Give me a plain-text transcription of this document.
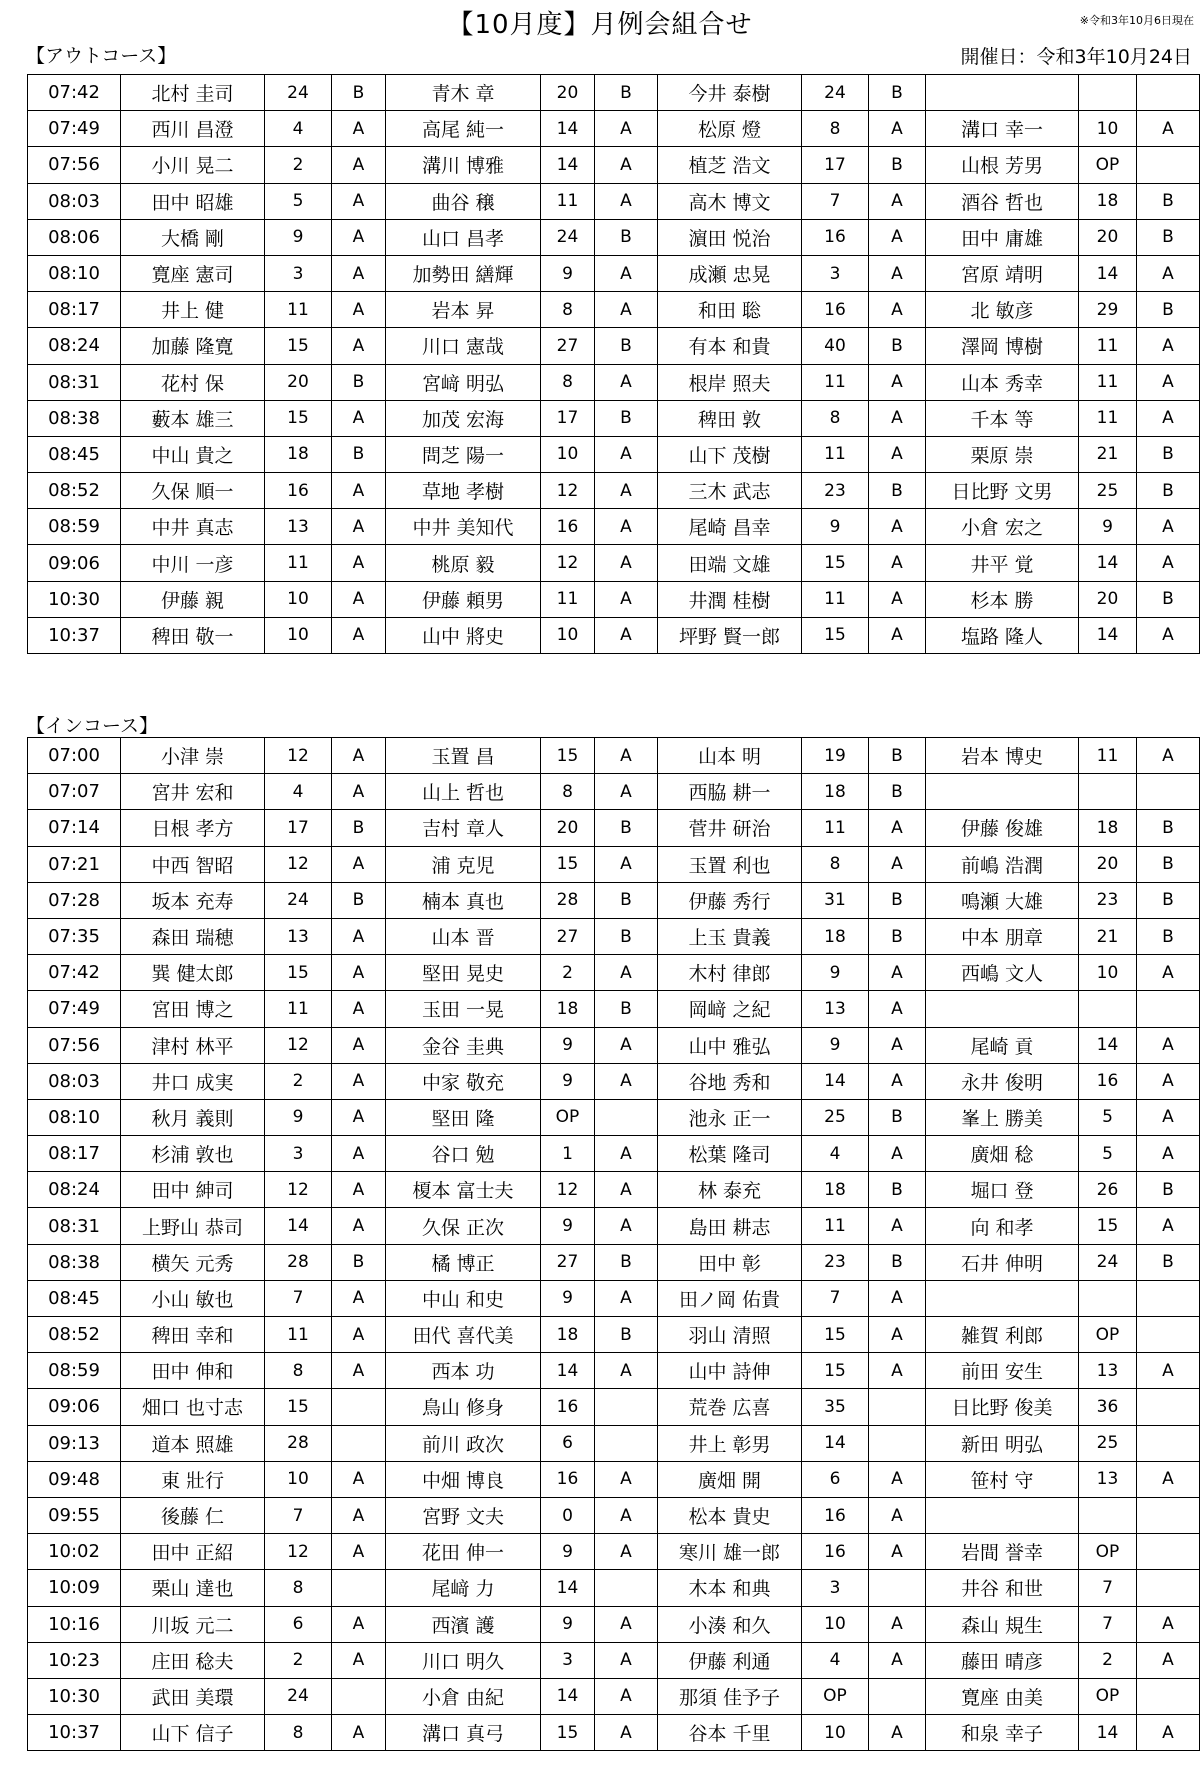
【10月度】月例会組合せ	※令和3年10月6日現在
【アウトコース】	開催日：令和3年10月24日
07:42	北村 圭司	24	B	青木 章	20	B	今井 泰樹	24	B			
07:49	西川 昌澄	4	A	高尾 純一	14	A	松原 燈	8	A	溝口 幸一	10	A
07:56	小川 晃二	2	A	溝川 博雅	14	A	植芝 浩文	17	B	山根 芳男	OP	
08:03	田中 昭雄	5	A	曲谷 穣	11	A	高木 博文	7	A	酒谷 哲也	18	B
08:06	大橋 剛	9	A	山口 昌孝	24	B	濵田 悦治	16	A	田中 庸雄	20	B
08:10	寛座 憲司	3	A	加勢田 繕輝	9	A	成瀬 忠晃	3	A	宮原 靖明	14	A
08:17	井上 健	11	A	岩本 昇	8	A	和田 聡	16	A	北 敏彦	29	B
08:24	加藤 隆寛	15	A	川口 憲哉	27	B	有本 和貴	40	B	澤岡 博樹	11	A
08:31	花村 保	20	B	宮﨑 明弘	8	A	根岸 照夫	11	A	山本 秀幸	11	A
08:38	藪本 雄三	15	A	加茂 宏海	17	B	稗田 敦	8	A	千本 等	11	A
08:45	中山 貴之	18	B	問芝 陽一	10	A	山下 茂樹	11	A	栗原 崇	21	B
08:52	久保 順一	16	A	草地 孝樹	12	A	三木 武志	23	B	日比野 文男	25	B
08:59	中井 真志	13	A	中井 美知代	16	A	尾崎 昌幸	9	A	小倉 宏之	9	A
09:06	中川 一彦	11	A	桃原 毅	12	A	田端 文雄	15	A	井平 覚	14	A
10:30	伊藤 親	10	A	伊藤 頼男	11	A	井潤 桂樹	11	A	杉本 勝	20	B
10:37	稗田 敬一	10	A	山中 將史	10	A	坪野 賢一郎	15	A	塩路 隆人	14	A
【インコース】
07:00	小津 崇	12	A	玉置 昌	15	A	山本 明	19	B	岩本 博史	11	A
07:07	宮井 宏和	4	A	山上 哲也	8	A	西脇 耕一	18	B			
07:14	日根 孝方	17	B	吉村 章人	20	B	菅井 研治	11	A	伊藤 俊雄	18	B
07:21	中西 智昭	12	A	浦 克児	15	A	玉置 利也	8	A	前嶋 浩潤	20	B
07:28	坂本 充寿	24	B	楠本 真也	28	B	伊藤 秀行	31	B	鳴瀬 大雄	23	B
07:35	森田 瑞穂	13	A	山本 晋	27	B	上玉 貴義	18	B	中本 朋章	21	B
07:42	巽 健太郎	15	A	堅田 晃史	2	A	木村 律郎	9	A	西嶋 文人	10	A
07:49	宮田 博之	11	A	玉田 一晃	18	B	岡﨑 之紀	13	A			
07:56	津村 林平	12	A	金谷 圭典	9	A	山中 雅弘	9	A	尾崎 貢	14	A
08:03	井口 成実	2	A	中家 敬充	9	A	谷地 秀和	14	A	永井 俊明	16	A
08:10	秋月 義則	9	A	堅田 隆	OP		池永 正一	25	B	峯上 勝美	5	A
08:17	杉浦 敦也	3	A	谷口 勉	1	A	松葉 隆司	4	A	廣畑 稔	5	A
08:24	田中 紳司	12	A	榎本 富士夫	12	A	林 泰充	18	B	堀口 登	26	B
08:31	上野山 恭司	14	A	久保 正次	9	A	島田 耕志	11	A	向 和孝	15	A
08:38	横矢 元秀	28	B	橘 博正	27	B	田中 彰	23	B	石井 伸明	24	B
08:45	小山 敏也	7	A	中山 和史	9	A	田ノ岡 佑貴	7	A			
08:52	稗田 幸和	11	A	田代 喜代美	18	B	羽山 清照	15	A	雑賀 利郎	OP	
08:59	田中 伸和	8	A	西本 功	14	A	山中 詩伸	15	A	前田 安生	13	A
09:06	畑口 也寸志	15		鳥山 修身	16		荒巻 広喜	35		日比野 俊美	36	
09:13	道本 照雄	28		前川 政次	6		井上 彰男	14		新田 明弘	25	
09:48	東 壯行	10	A	中畑 博良	16	A	廣畑 開	6	A	笹村 守	13	A
09:55	後藤 仁	7	A	宮野 文夫	0	A	松本 貴史	16	A			
10:02	田中 正紹	12	A	花田 伸一	9	A	寒川 雄一郎	16	A	岩間 誉幸	OP	
10:09	栗山 達也	8		尾﨑 力	14		木本 和典	3		井谷 和世	7	
10:16	川坂 元二	6	A	西濱 護	9	A	小湊 和久	10	A	森山 規生	7	A
10:23	庄田 稔夫	2	A	川口 明久	3	A	伊藤 利通	4	A	藤田 晴彦	2	A
10:30	武田 美環	24		小倉 由紀	14	A	那須 佳予子	OP		寛座 由美	OP	
10:37	山下 信子	8	A	溝口 真弓	15	A	谷本 千里	10	A	和泉 幸子	14	A
